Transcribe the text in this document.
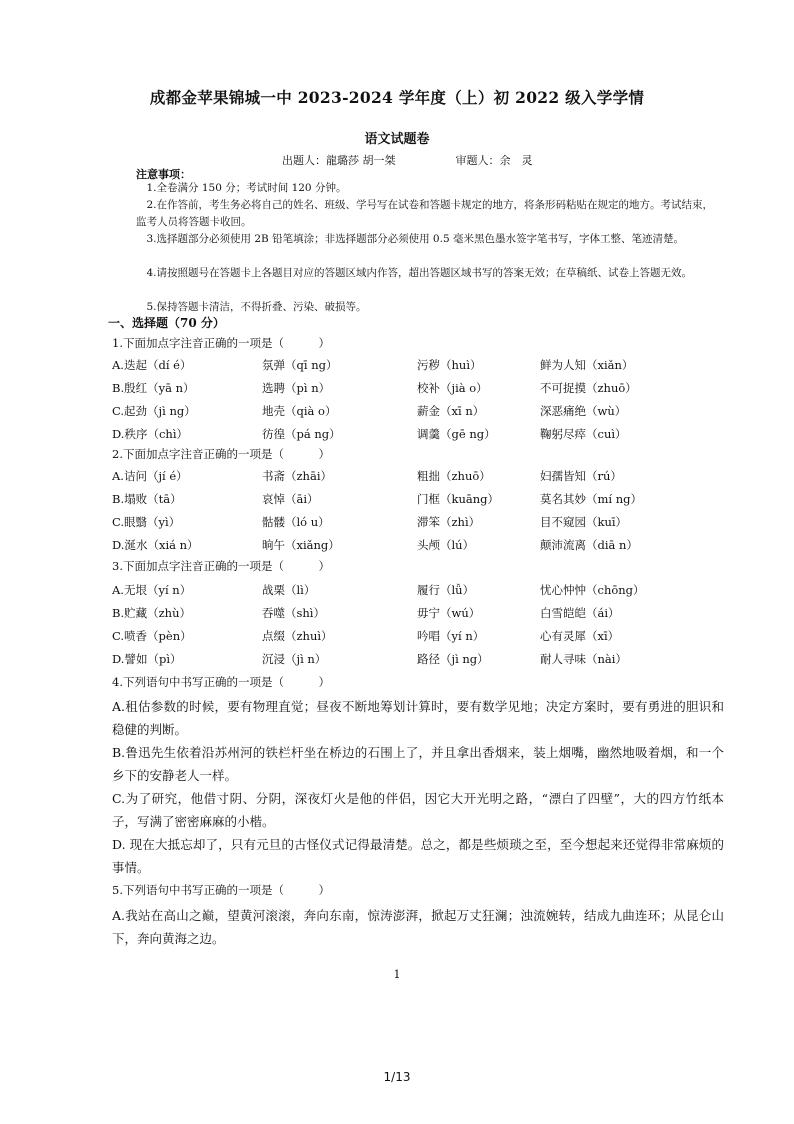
成都金苹果锦城一中 2023-2024 学年度（上）初 2022 级入学学情
语文试题卷
出题人：龍璐莎 胡一桀	审题人：余　灵
注意事项：
1.全卷满分 150 分；考试时间 120 分钟。
2.在作答前，考生务必将自己的姓名、班级、学号写在试卷和答题卡规定的地方，将条形码粘贴在规定的地方。考试结束，监考人员将答题卡收回。
3.选择题部分必须使用 2B 铅笔填涂；非选择题部分必须使用 0.5 毫米黑色墨水签字笔书写，字体工整、笔迹清楚。
4.请按照题号在答题卡上各题目对应的答题区域内作答，超出答题区域书写的答案无效；在草稿纸、试卷上答题无效。
5.保持答题卡清洁，不得折叠、污染、破损等。
一、选择题（70 分）
1.下面加点字注音正确的一项是（　　　）
A.迭起（dí é）	氛弹（qī ng）	污秽（huì）	鲜为人知（xiǎn）
B.殷红（yā n）	选聘（pì n）	校补（jià o）	不可捉摸（zhuō）
C.起劲（jì ng）	地壳（qià o）	薪金（xī n）	深恶痛绝（wù）
D.秩序（chì）	彷徨（pá ng）	调羹（gē ng）	鞠躬尽瘁（cuì）
2.下面加点字注音正确的一项是（　　　）
A.诘问（jí é）	书斋（zhāi）	粗拙（zhuō）	妇孺皆知（rú）
B.塌败（tā）	哀悼（āi）	门框（kuāng）	莫名其妙（mí ng）
C.眼翳（yì）	骷髅（ló u）	滞笨（zhì）	目不窥园（kuī）
D.涎水（xiá n）	晌午（xiǎng）	头颅（lú）	颠沛流离（diā n）
3.下面加点字注音正确的一项是（　　　）
A.无垠（yí n）	战栗（lì）	履行（lǚ）	忧心忡忡（chōng）
B.贮藏（zhù）	吞噬（shì）	毋宁（wú）	白雪皑皑（ái）
C.喷香（pèn）	点缀（zhuì）	吟唱（yí n）	心有灵犀（xī）
D.譬如（pì）	沉浸（jì n）	路径（jì ng）	耐人寻味（nài）
4.下列语句中书写正确的一项是（　　　）
A.租估参数的时候，要有物理直觉；昼夜不断地筹划计算时，要有数学见地；决定方案时，要有勇进的胆识和稳健的判断。
B.鲁迅先生依着沿苏州河的铁栏杆坐在桥边的石围上了，并且拿出香烟来，装上烟嘴，幽然地吸着烟，和一个乡下的安静老人一样。
C.为了研究，他借寸阴、分阴，深夜灯火是他的伴侣，因它大开光明之路，“漂白了四壁”，大的四方竹纸本子，写满了密密麻麻的小楷。
D. 现在大抵忘却了，只有元旦的古怪仪式记得最清楚。总之，都是些烦琐之至，至今想起来还觉得非常麻烦的事情。
5.下列语句中书写正确的一项是（　　　）
A.我站在高山之巅，望黄河滚滚，奔向东南，惊涛澎湃，掀起万丈狂澜；浊流婉转，结成九曲连环；从昆仑山下，奔向黄海之边。
1
1/13
